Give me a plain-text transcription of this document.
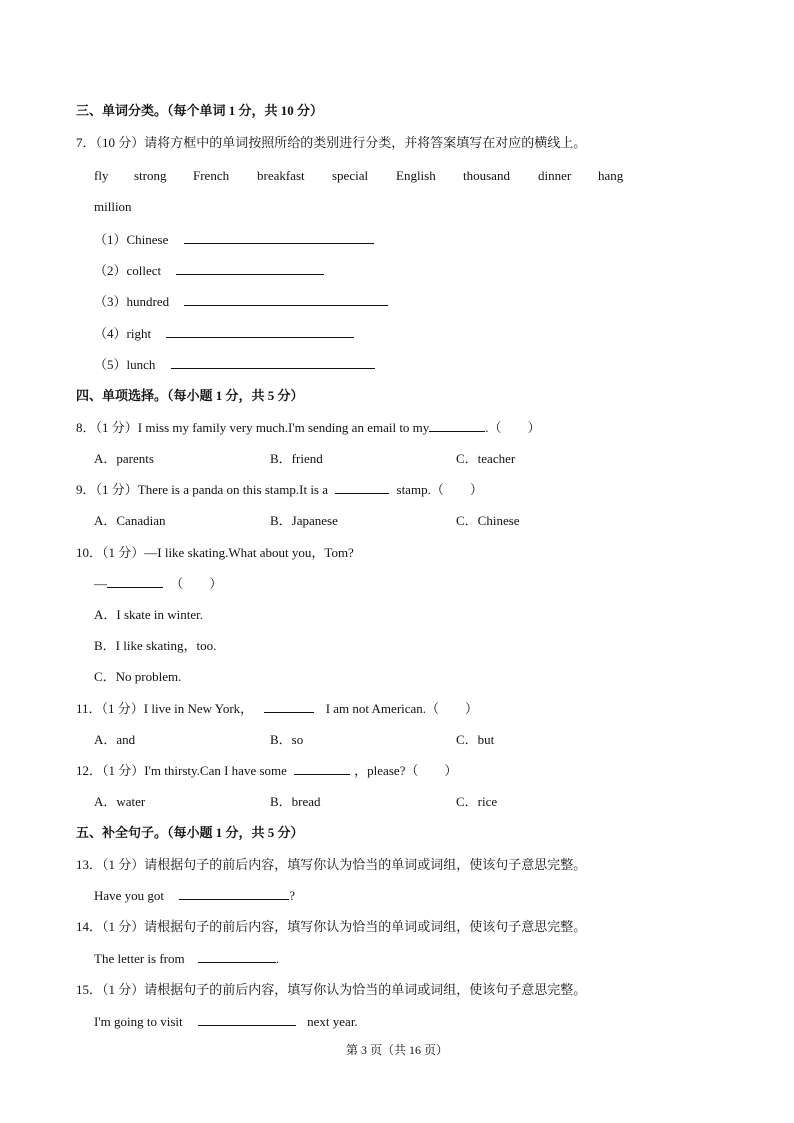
三、单词分类。（每个单词 1 分，共 10 分）
7．（10 分）请将方框中的单词按照所给的类别进行分类，并将答案填写在对应的横线上。
fly strong French breakfast special English thousand dinner hang
million
（1）Chinese
（2）collect
（3）hundred
（4）right
（5）lunch
四、单项选择。（每小题 1 分，共 5 分）
8．（1 分）I miss my family very much.I'm sending an email to my	.（　　）
A．parents	B．friend	C．teacher
9．（1 分）There is a panda on this stamp.It is a	stamp.（　　）
A．Canadian	B．Japanese	C．Chinese
10．（1 分）—I like skating.What about you，Tom?
—	（　　）
A．I skate in winter.
B．I like skating，too.
C．No problem.
11．（1 分）I live in New York，	I am not American.（　　）
A．and	B．so	C．but
12．（1 分）I'm thirsty.Can I have some	，please?（　　）
A．water	B．bread	C．rice
五、补全句子。（每小题 1 分，共 5 分）
13．（1 分）请根据句子的前后内容，填写你认为恰当的单词或词组，使该句子意思完整。
Have you got	?
14．（1 分）请根据句子的前后内容，填写你认为恰当的单词或词组，使该句子意思完整。
The letter is from	.
15．（1 分）请根据句子的前后内容，填写你认为恰当的单词或词组，使该句子意思完整。
I'm going to visit	next year.
第 3 页（共 16 页）
